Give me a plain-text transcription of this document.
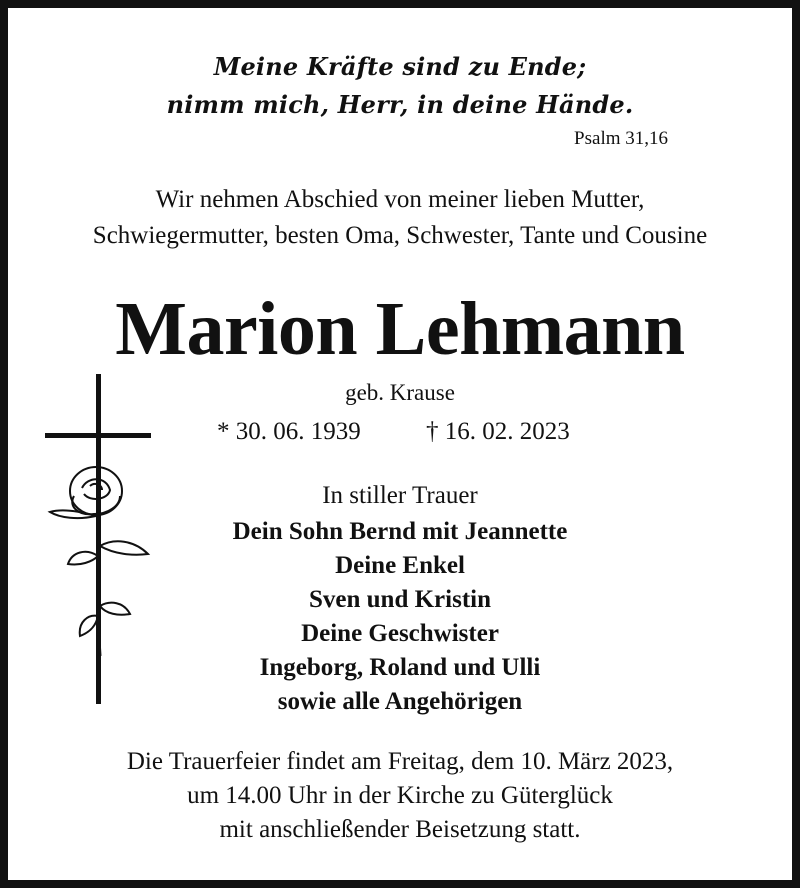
Meine Kräfte sind zu Ende;
nimm mich, Herr, in deine Hände.
Psalm 31,16
Wir nehmen Abschied von meiner lieben Mutter,
Schwiegermutter, besten Oma, Schwester, Tante und Cousine
Marion Lehmann
geb. Krause
* 30. 06. 1939	† 16. 02. 2023
In stiller Trauer
Dein Sohn Bernd mit Jeannette
Deine Enkel
Sven und Kristin
Deine Geschwister
Ingeborg, Roland und Ulli
sowie alle Angehörigen
Die Trauerfeier findet am Freitag, dem 10. März 2023,
um 14.00 Uhr in der Kirche zu Güterglück
mit anschließender Beisetzung statt.
